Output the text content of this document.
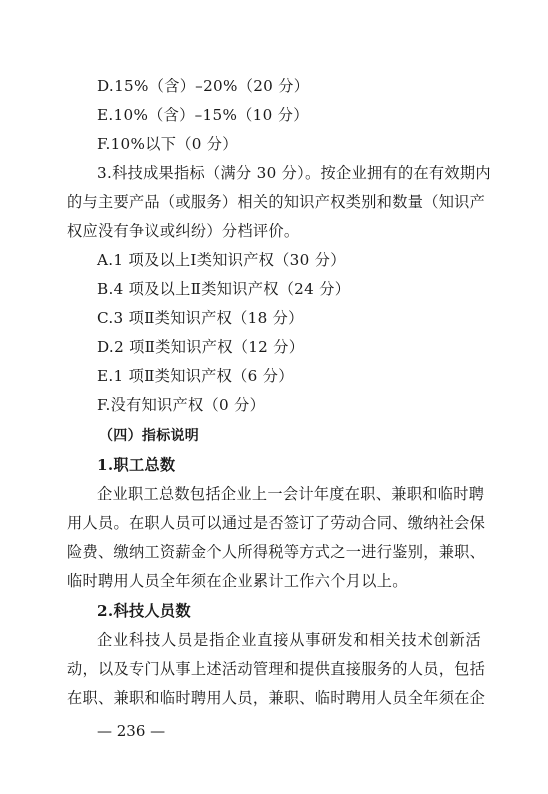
D.15%（含）–20%（20 分）
E.10%（含）–15%（10 分）
F.10%以下（0 分）
3.科技成果指标（满分 30 分）。按企业拥有的在有效期内
的与主要产品（或服务）相关的知识产权类别和数量（知识产
权应没有争议或纠纷）分档评价。
A.1 项及以上Ⅰ类知识产权（30 分）
B.4 项及以上Ⅱ类知识产权（24 分）
C.3 项Ⅱ类知识产权（18 分）
D.2 项Ⅱ类知识产权（12 分）
E.1 项Ⅱ类知识产权（6 分）
F.没有知识产权（0 分）
（四）指标说明
1.职工总数
企业职工总数包括企业上一会计年度在职、兼职和临时聘
用人员。在职人员可以通过是否签订了劳动合同、缴纳社会保
险费、缴纳工资薪金个人所得税等方式之一进行鉴别，兼职、
临时聘用人员全年须在企业累计工作六个月以上。
2.科技人员数
企业科技人员是指企业直接从事研发和相关技术创新活
动，以及专门从事上述活动管理和提供直接服务的人员，包括
在职、兼职和临时聘用人员，兼职、临时聘用人员全年须在企
— 236 —
